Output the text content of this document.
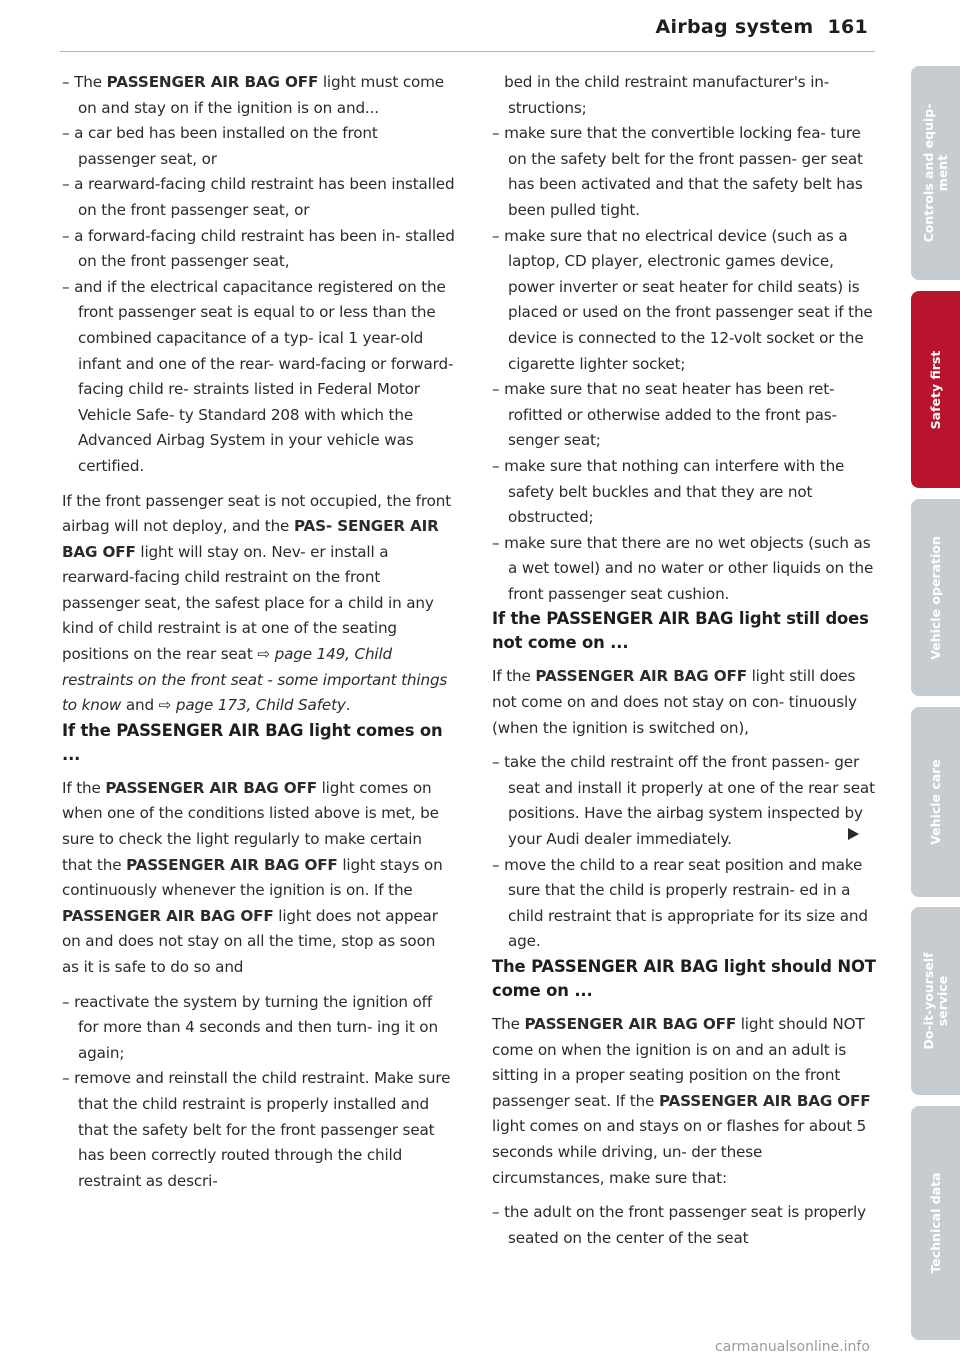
Airbag system 161

– The PASSENGER AIR BAG OFF light must come on and stay on if the ignition is on and...

– a car bed has been installed on the front passenger seat, or

– a rearward-facing child restraint has been installed on the front passenger seat, or

– a forward-facing child restraint has been in- stalled on the front passenger seat,

– and if the electrical capacitance registered on the front passenger seat is equal to or less than the combined capacitance of a typ- ical 1 year-old infant and one of the rear- ward-facing or forward-facing child re- straints listed in Federal Motor Vehicle Safe- ty Standard 208 with which the Advanced Airbag System in your vehicle was certified.

If the front passenger seat is not occupied, the front airbag will not deploy, and the PAS- SENGER AIR BAG OFF light will stay on. Nev- er install a rearward-facing child restraint on the front passenger seat, the safest place for a child in any kind of child restraint is at one of the seating positions on the rear seat ⇨ page 149, Child restraints on the front seat - some important things to know and ⇨ page 173, Child Safety.

If the PASSENGER AIR BAG light comes on ...

If the PASSENGER AIR BAG OFF light comes on when one of the conditions listed above is met, be sure to check the light regularly to make certain that the PASSENGER AIR BAG OFF light stays on continuously whenever the ignition is on. If the PASSENGER AIR BAG OFF light does not appear on and does not stay on all the time, stop as soon as it is safe to do so and

– reactivate the system by turning the ignition off for more than 4 seconds and then turn- ing it on again;

– remove and reinstall the child restraint. Make sure that the child restraint is properly installed and that the safety belt for the front passenger seat has been correctly routed through the child restraint as descri-

bed in the child restraint manufacturer's in- structions;

– make sure that the convertible locking fea- ture on the safety belt for the front passen- ger seat has been activated and that the safety belt has been pulled tight.

– make sure that no electrical device (such as a laptop, CD player, electronic games device, power inverter or seat heater for child seats) is placed or used on the front passenger seat if the device is connected to the 12-volt socket or the cigarette lighter socket;

– make sure that no seat heater has been ret- rofitted or otherwise added to the front pas- senger seat;

– make sure that nothing can interfere with the safety belt buckles and that they are not obstructed;

– make sure that there are no wet objects (such as a wet towel) and no water or other liquids on the front passenger seat cushion.

If the PASSENGER AIR BAG light still does not come on ...

If the PASSENGER AIR BAG OFF light still does not come on and does not stay on con- tinuously (when the ignition is switched on),

– take the child restraint off the front passen- ger seat and install it properly at one of the rear seat positions. Have the airbag system inspected by your Audi dealer immediately.

– move the child to a rear seat position and make sure that the child is properly restrain- ed in a child restraint that is appropriate for its size and age.

The PASSENGER AIR BAG light should NOT come on ...

The PASSENGER AIR BAG OFF light should NOT come on when the ignition is on and an adult is sitting in a proper seating position on the front passenger seat. If the PASSENGER AIR BAG OFF light comes on and stays on or flashes for about 5 seconds while driving, un- der these circumstances, make sure that:

– the adult on the front passenger seat is properly seated on the center of the seat

Controls and equip-
ment
Safety first
Vehicle operation
Vehicle care
Do-it-yourself
service
Technical data
carmanualsonline.info
